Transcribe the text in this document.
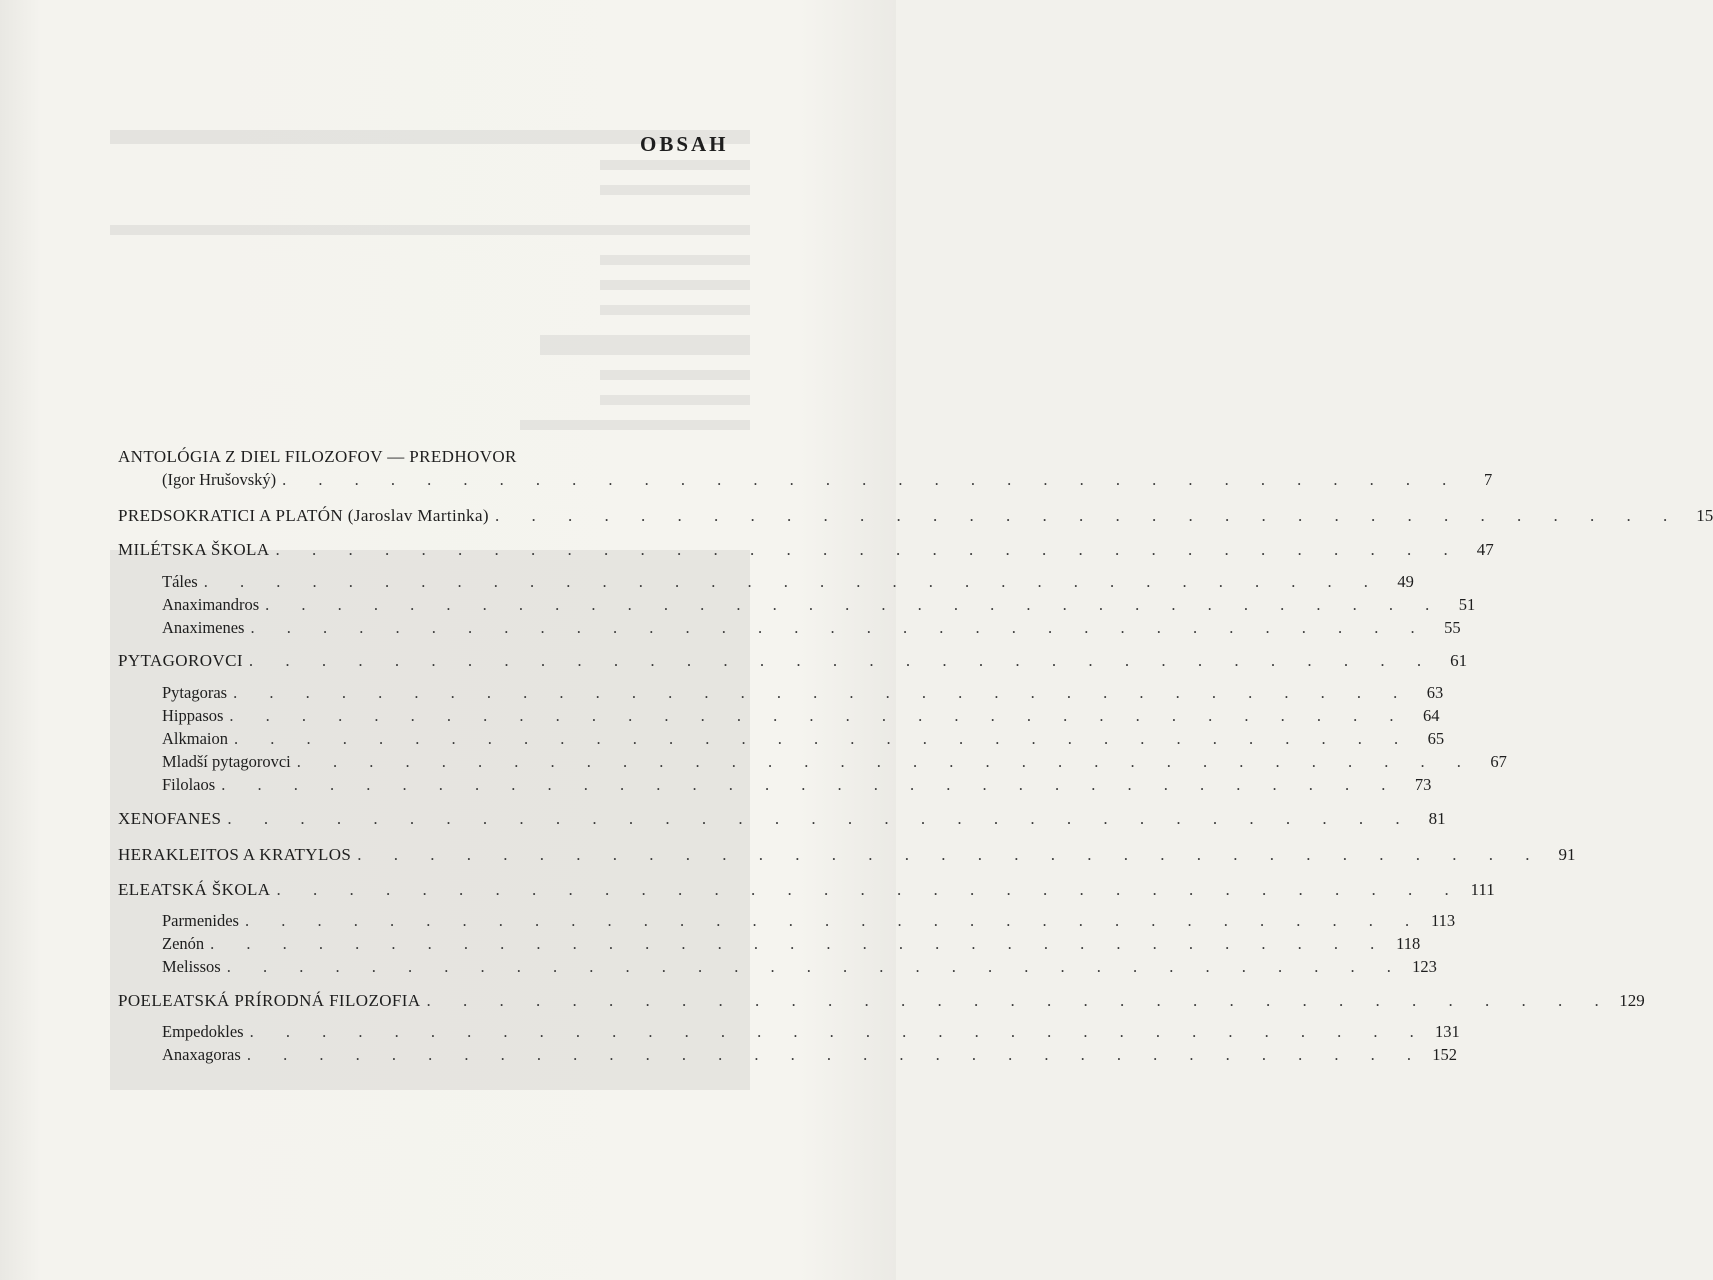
OBSAH
ANTOLÓGIA Z DIEL FILOZOFOV — PREDHOVOR
(Igor Hrušovský) . . . . . . . . . . . . . . . . . . . . . . . . . . . . . . . . .	7
PREDSOKRATICI A PLATÓN (Jaroslav Martinka) . . . . . . . . . . . . . . . . . . . . . . . . . . . . . . . . . 15
MILÉTSKA ŠKOLA . . . . . . . . . . . . . . . . . . . . . . . . . . . . . . . . . 47
Táles . . . . . . . . . . . . . . . . . . . . . . . . . . . . . . . . . 49
Anaximandros . . . . . . . . . . . . . . . . . . . . . . . . . . . . . . . . . 51
Anaximenes . . . . . . . . . . . . . . . . . . . . . . . . . . . . . . . . . 55
PYTAGOROVCI . . . . . . . . . . . . . . . . . . . . . . . . . . . . . . . . . 61
Pytagoras . . . . . . . . . . . . . . . . . . . . . . . . . . . . . . . . . 63
Hippasos . . . . . . . . . . . . . . . . . . . . . . . . . . . . . . . . . 64
Alkmaion . . . . . . . . . . . . . . . . . . . . . . . . . . . . . . . . . 65
Mladší pytagorovci . . . . . . . . . . . . . . . . . . . . . . . . . . . . . . . . . 67
Filolaos . . . . . . . . . . . . . . . . . . . . . . . . . . . . . . . . . 73
XENOFANES . . . . . . . . . . . . . . . . . . . . . . . . . . . . . . . . . 81
HERAKLEITOS A KRATYLOS . . . . . . . . . . . . . . . . . . . . . . . . . . . . . . . . . 91
ELEATSKÁ ŠKOLA . . . . . . . . . . . . . . . . . . . . . . . . . . . . . . . . . 111
Parmenides . . . . . . . . . . . . . . . . . . . . . . . . . . . . . . . . . 113
Zenón . . . . . . . . . . . . . . . . . . . . . . . . . . . . . . . . . 118
Melissos . . . . . . . . . . . . . . . . . . . . . . . . . . . . . . . . . 123
POELEATSKÁ PRÍRODNÁ FILOZOFIA . . . . . . . . . . . . . . . . . . . . . . . . . . . . . . . . . 129
Empedokles . . . . . . . . . . . . . . . . . . . . . . . . . . . . . . . . . 131
Anaxagoras . . . . . . . . . . . . . . . . . . . . . . . . . . . . . . . . . 152
